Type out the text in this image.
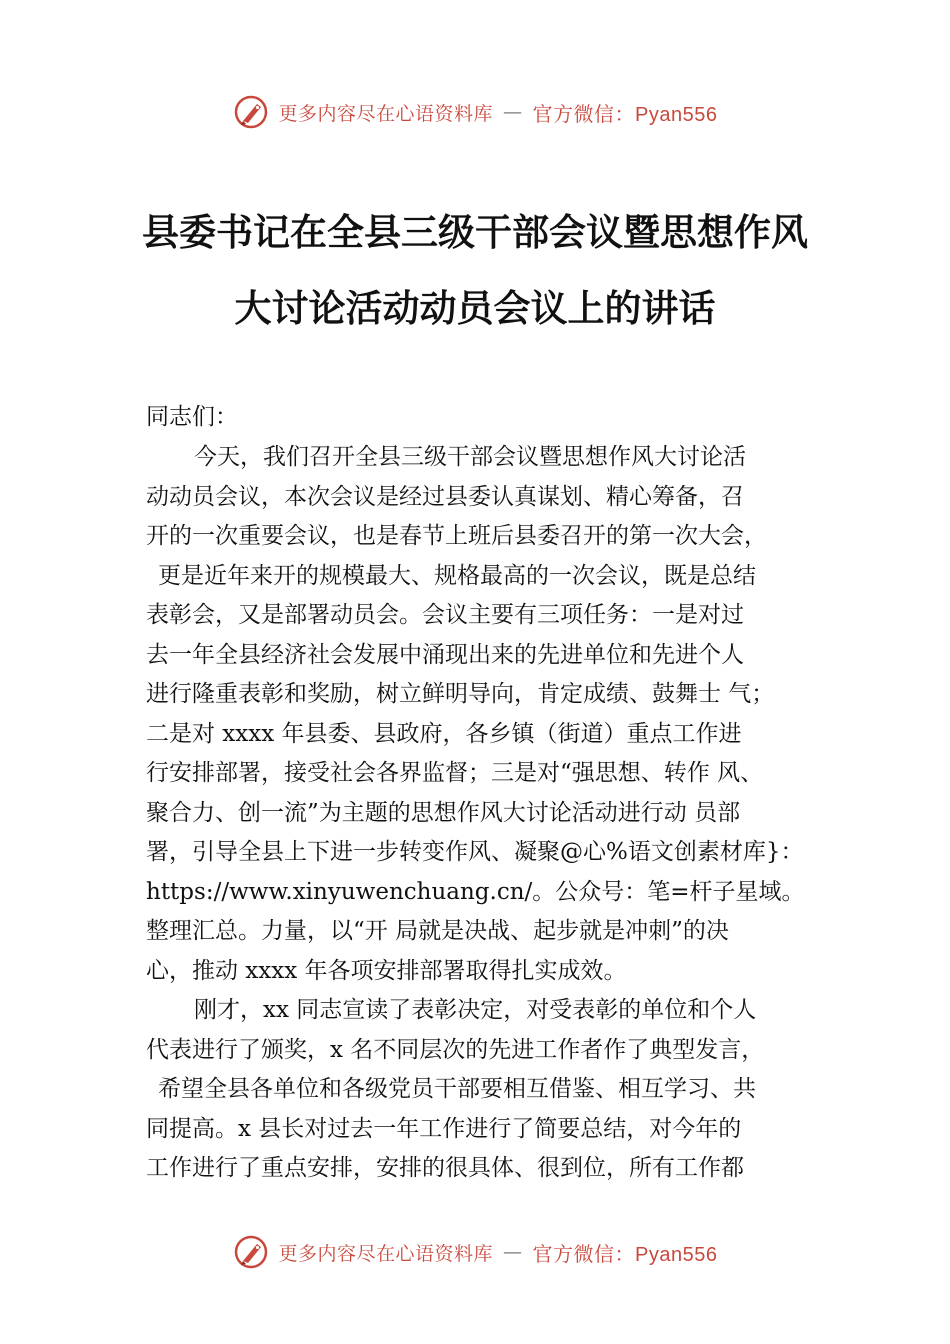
更多内容尽在心语资料库 — 官方微信：Pyan556
县委书记在全县三级干部会议暨思想作风
大讨论活动动员会议上的讲话
同志们：
今天，我们召开全县三级干部会议暨思想作风大讨论活
动动员会议，本次会议是经过县委认真谋划、精心筹备，召
开的一次重要会议，也是春节上班后县委召开的第一次大会，
更是近年来开的规模最大、规格最高的一次会议，既是总结
表彰会，又是部署动员会。会议主要有三项任务：一是对过
去一年全县经济社会发展中涌现出来的先进单位和先进个人
进行隆重表彰和奖励，树立鲜明导向，肯定成绩、鼓舞士 气；
二是对 xxxx 年县委、县政府，各乡镇（街道）重点工作进
行安排部署，接受社会各界监督；三是对“强思想、转作 风、
聚合力、创一流”为主题的思想作风大讨论活动进行动 员部
署，引导全县上下进一步转变作风、凝聚@心%语文创素材库}：
https://www.xinyuwenchuang.cn/。公众号：笔=杆子星域。
整理汇总。力量，以“开 局就是决战、起步就是冲刺”的决
心，推动 xxxx 年各项安排部署取得扎实成效。
刚才，xx 同志宣读了表彰决定，对受表彰的单位和个人
代表进行了颁奖，x 名不同层次的先进工作者作了典型发言，
希望全县各单位和各级党员干部要相互借鉴、相互学习、共
同提高。x 县长对过去一年工作进行了简要总结，对今年的
工作进行了重点安排，安排的很具体、很到位，所有工作都
更多内容尽在心语资料库 — 官方微信：Pyan556
